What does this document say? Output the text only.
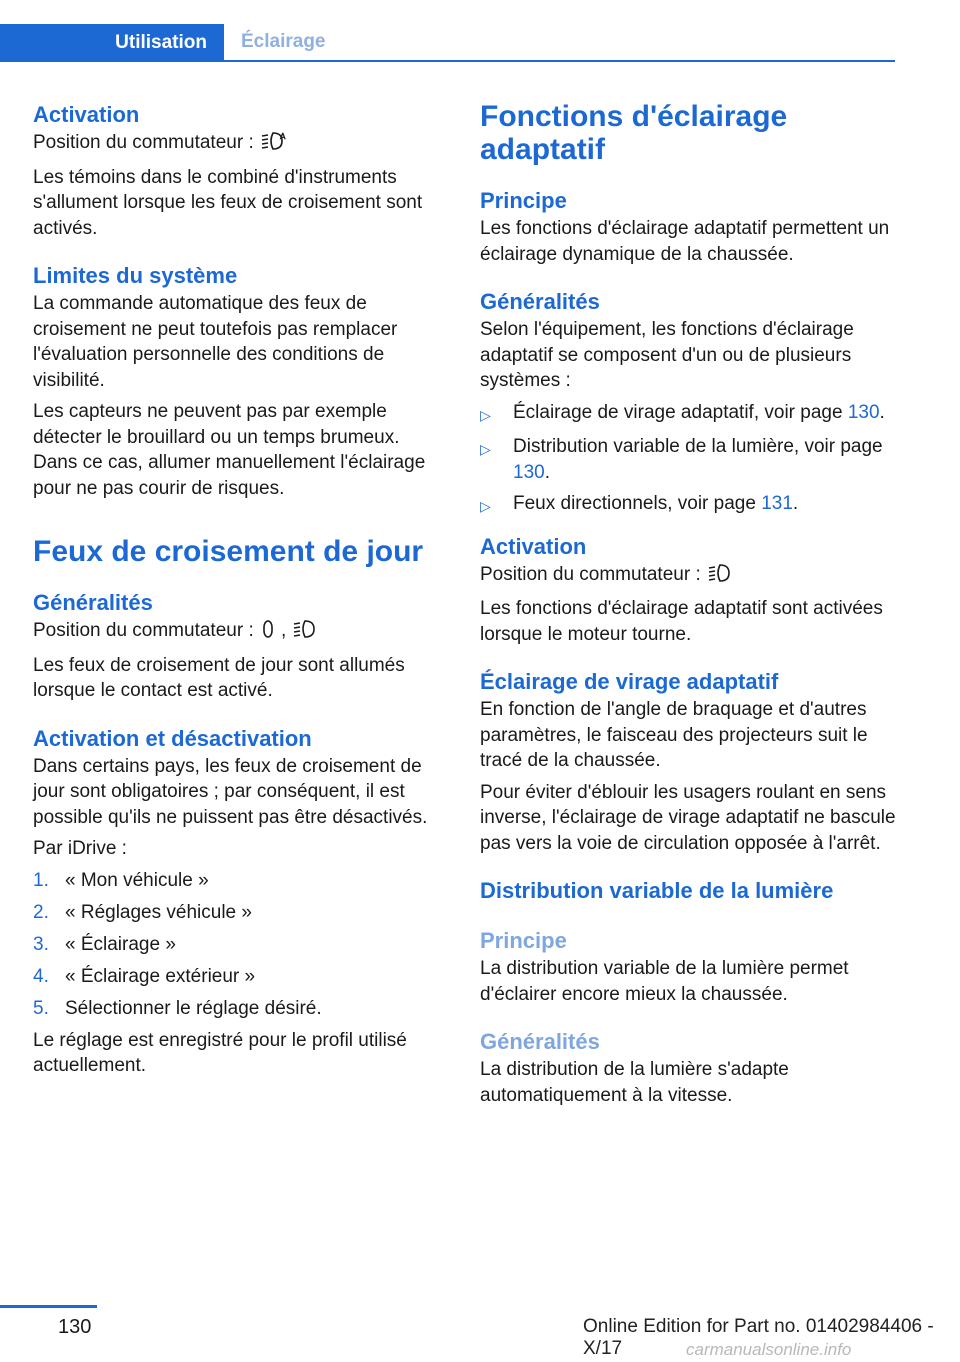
Utilisation	Éclairage
Activation

Position du commutateur :	A

Les témoins dans le combiné d'instruments s'allument lorsque les feux de croisement sont activés.

Limites du système

La commande automatique des feux de croisement ne peut toutefois pas remplacer l'évaluation personnelle des conditions de visibilité.

Les capteurs ne peuvent pas par exemple détecter le brouillard ou un temps brumeux. Dans ce cas, allumer manuellement l'éclairage pour ne pas courir de risques.

Feux de croisement de jour
Généralités

Position du commutateur : ,

Les feux de croisement de jour sont allumés lorsque le contact est activé.

Activation et désactivation

Dans certains pays, les feux de croisement de jour sont obligatoires ; par conséquent, il est possible qu'ils ne puissent pas être désactivés.

Par iDrive :

1. « Mon véhicule »
2. « Réglages véhicule »
3. « Éclairage »
4. « Éclairage extérieur »
5. Sélectionner le réglage désiré.

Le réglage est enregistré pour le profil utilisé actuellement.

Fonctions d'éclairage adaptatif
Principe

Les fonctions d'éclairage adaptatif permettent un éclairage dynamique de la chaussée.

Généralités

Selon l'équipement, les fonctions d'éclairage adaptatif se composent d'un ou de plusieurs systèmes :

▷	Éclairage de virage adaptatif, voir page 130.
▷	Distribution variable de la lumière, voir page 130.
▷	Feux directionnels, voir page 131.
Activation

Position du commutateur :

Les fonctions d'éclairage adaptatif sont activées lorsque le moteur tourne.

Éclairage de virage adaptatif

En fonction de l'angle de braquage et d'autres paramètres, le faisceau des projecteurs suit le tracé de la chaussée.

Pour éviter d'éblouir les usagers roulant en sens inverse, l'éclairage de virage adaptatif ne bascule pas vers la voie de circulation opposée à l'arrêt.

Distribution variable de la lumière
Principe

La distribution variable de la lumière permet d'éclairer encore mieux la chaussée.

Généralités

La distribution de la lumière s'adapte automatiquement à la vitesse.

130	Online Edition for Part no. 01402984406 - X/17	carmanualsonline.info
